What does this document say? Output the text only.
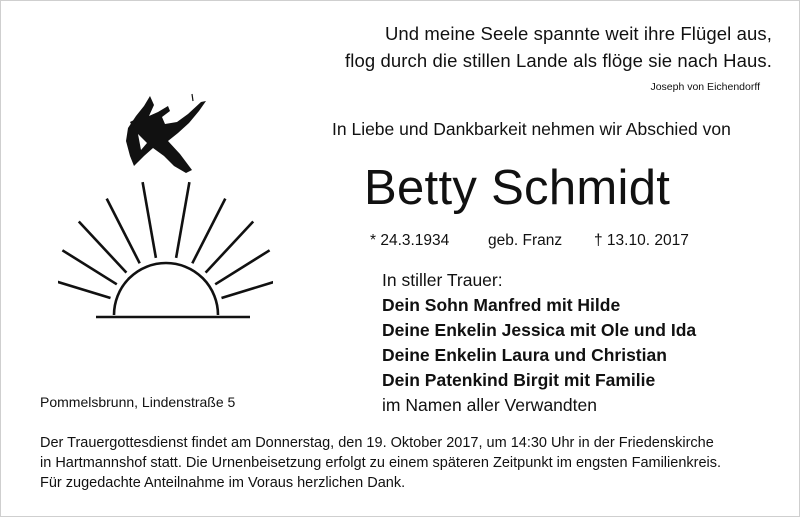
Und meine Seele spannte weit ihre Flügel aus,
flog durch die stillen Lande als flöge sie nach Haus.
Joseph von Eichendorff
In Liebe und Dankbarkeit nehmen wir Abschied von
Betty Schmidt
* 24.3.1934 geb. Franz † 13.10. 2017
In stiller Trauer:
Dein Sohn Manfred mit Hilde
Deine Enkelin Jessica mit Ole und Ida
Deine Enkelin Laura und Christian
Dein Patenkind Birgit mit Familie
im Namen aller Verwandten
Pommelsbrunn, Lindenstraße 5
Der Trauergottesdienst findet am Donnerstag, den 19. Oktober 2017, um 14:30 Uhr in der Friedenskirche
in Hartmannshof statt. Die Urnenbeisetzung erfolgt zu einem späteren Zeitpunkt im engsten Familienkreis.
Für zugedachte Anteilnahme im Voraus herzlichen Dank.
